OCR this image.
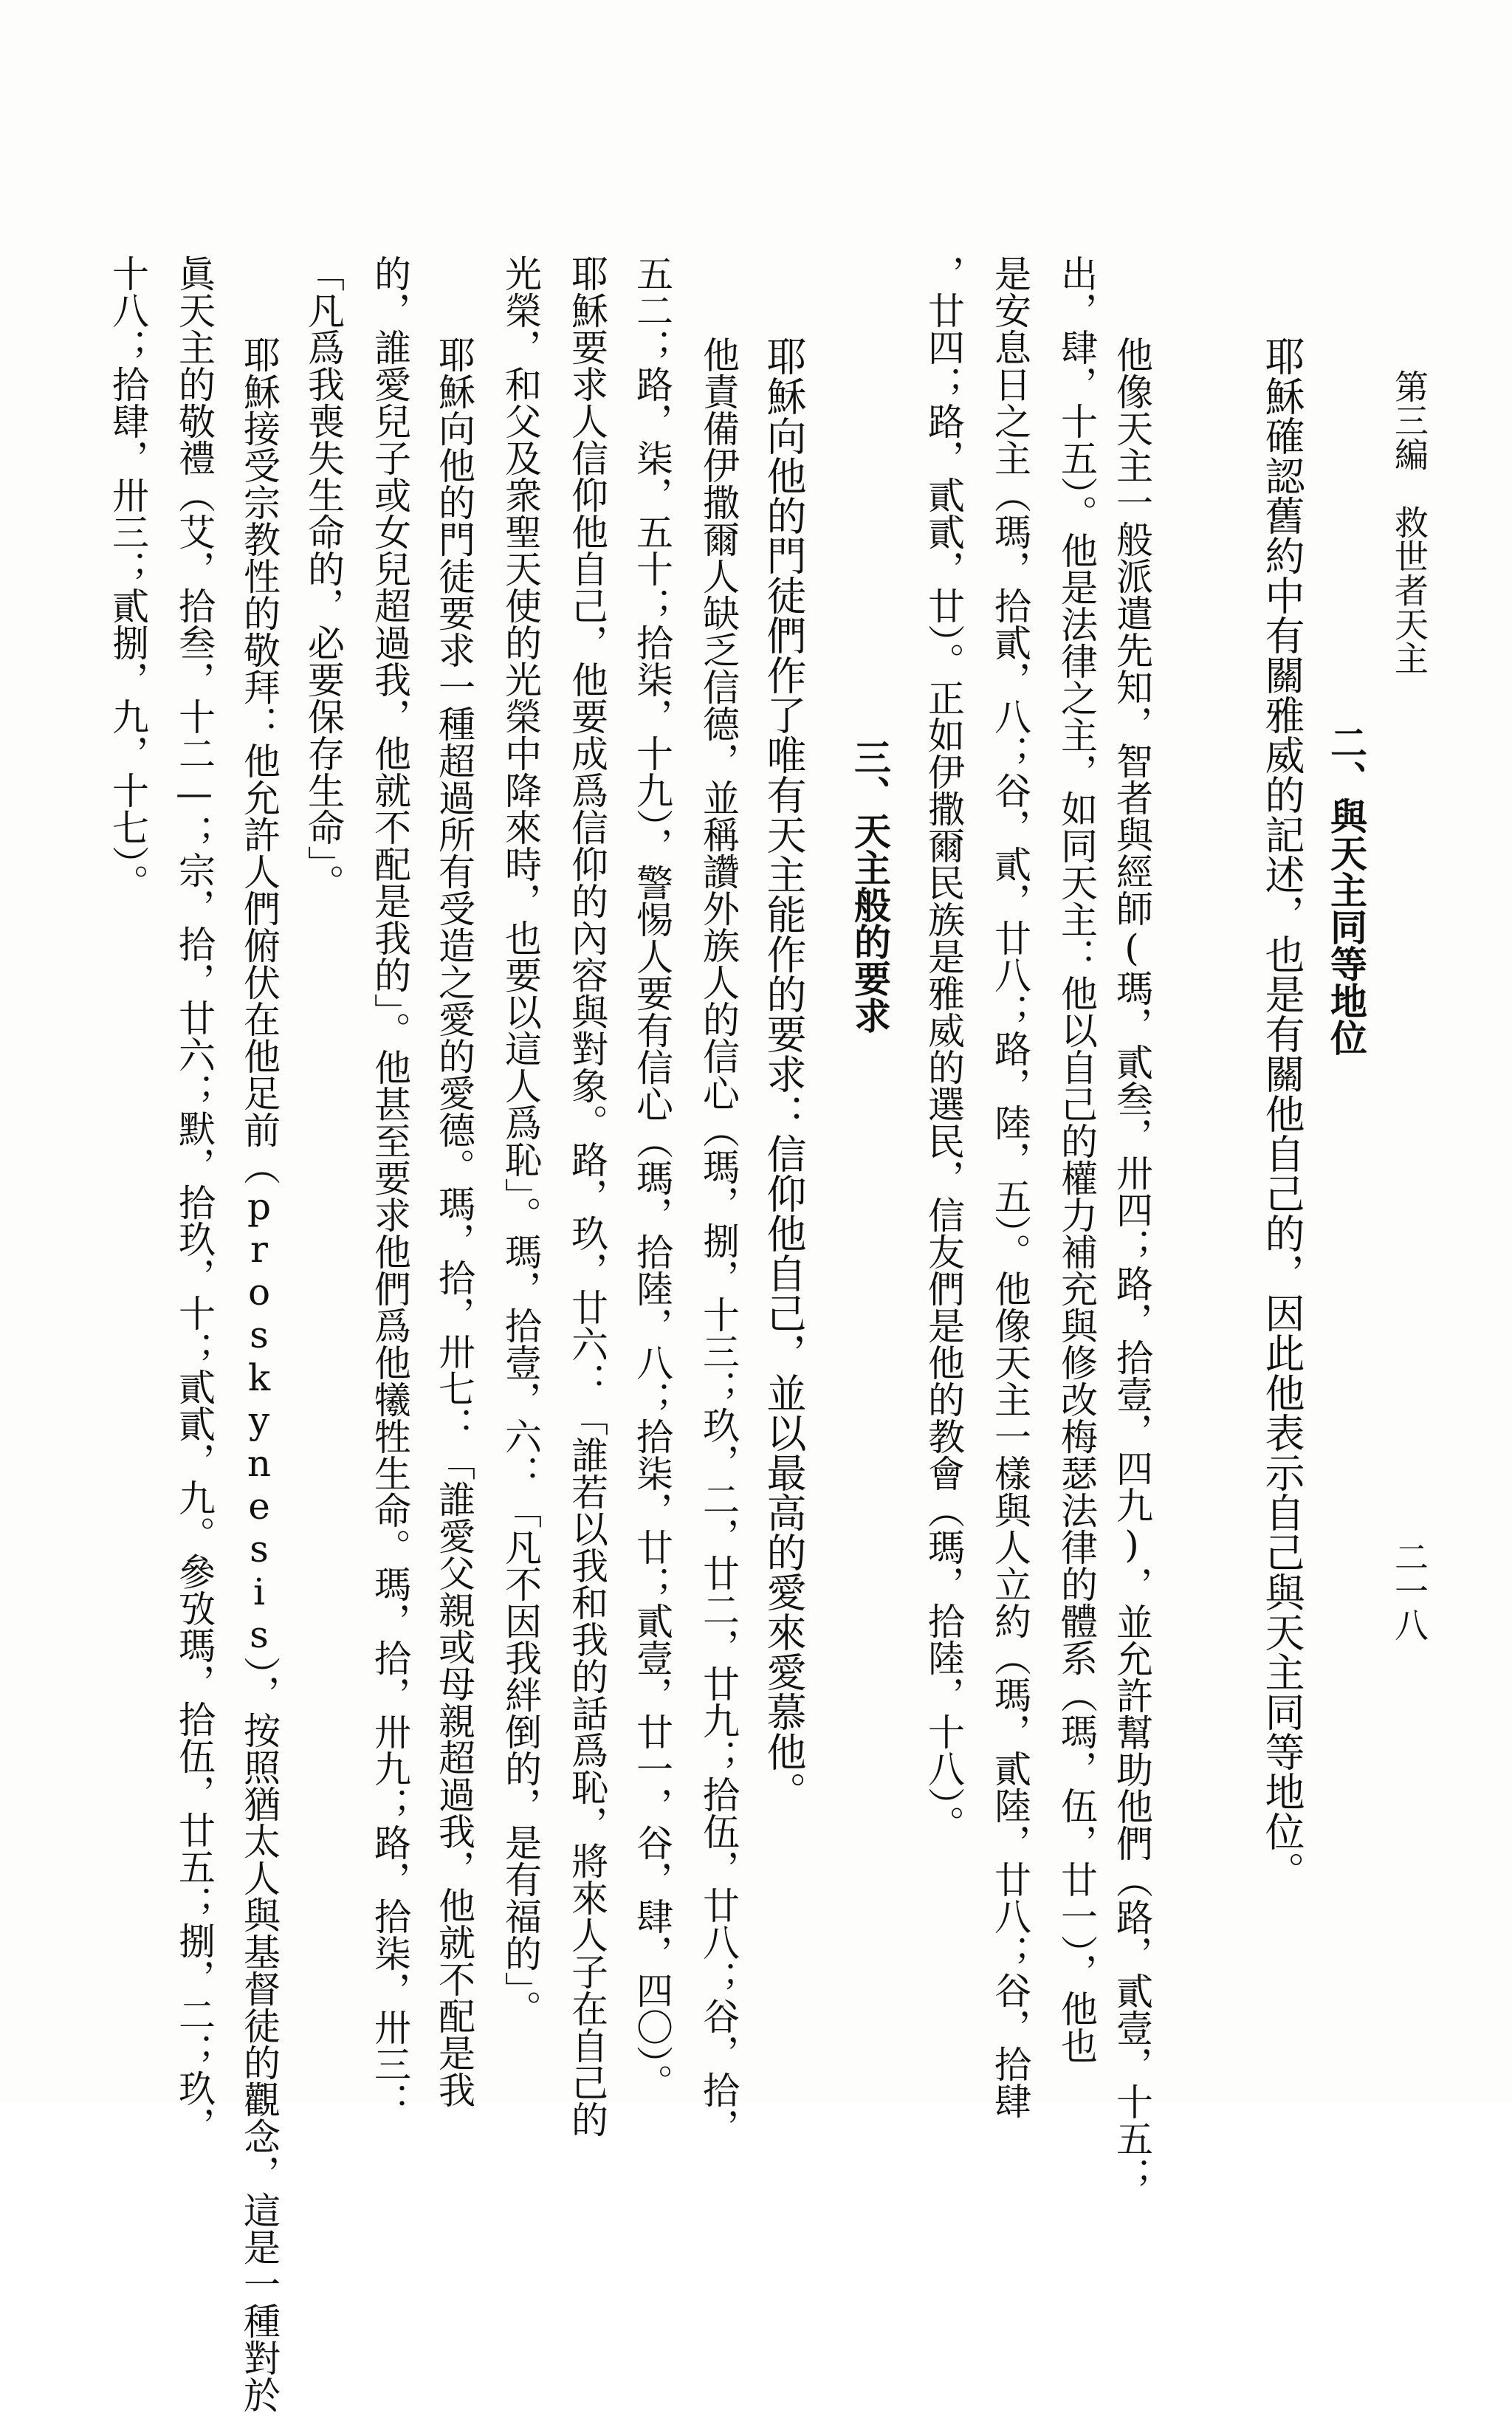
二一八
第三編　救世者天主
二、與天主同等地位
耶穌確認舊約中有關雅威的記述，也是有關他自己的，因此他表示自己與天主同等地位。
他像天主一般派遣先知，智者與經師(瑪，貳叁，卅四；路，拾壹，四九)，並允許幫助他們（路，貳壹，十五；
出，肆，十五）。他是法律之主，如同天主：他以自己的權力補充與修改梅瑟法律的體系（瑪，伍，廿一），他也
是安息日之主（瑪，拾貳，八；谷，貳，廿八；路，陸，五）。他像天主一樣與人立約（瑪，貳陸，廿八；谷，拾肆
，廿四；路，貳貳，廿）。正如伊撒爾民族是雅威的選民，信友們是他的教會（瑪，拾陸，十八）。
三、天主般的要求
耶穌向他的門徒們作了唯有天主能作的要求：信仰他自己，並以最高的愛來愛慕他。
他責備伊撒爾人缺乏信德，並稱讚外族人的信心（瑪，捌，十三；玖，二，廿二，廿九；拾伍，廿八；谷，拾，
五二；路，柒，五十；拾柒，十九），警惕人要有信心（瑪，拾陸，八；拾柒，廿；貳壹，廿一，谷，肆，四〇）。
耶穌要求人信仰他自己，他要成爲信仰的內容與對象。路，玖，廿六：「誰若以我和我的話爲恥，將來人子在自己的
光榮，和父及衆聖天使的光榮中降來時，也要以這人爲恥」。瑪，拾壹，六：「凡不因我絆倒的，是有福的」。
耶穌向他的門徒要求一種超過所有受造之愛的愛德。瑪，拾，卅七：「誰愛父親或母親超過我，他就不配是我
的，誰愛兒子或女兒超過我，他就不配是我的」。他甚至要求他們爲他犧牲生命。瑪，拾，卅九；路，拾柒，卅三：
「凡爲我喪失生命的，必要保存生命」。
耶穌接受宗教性的敬拜：他允許人們俯伏在他足前（proskynesis），按照猶太人與基督徒的觀念，這是一種對於
眞天主的敬禮（艾，拾叁，十二—；宗，拾，廿六；默，拾玖，十；貳貳，九。參攷瑪，拾伍，廿五；捌，二；玖，
十八；拾肆，卅三；貳捌，九，十七）。
